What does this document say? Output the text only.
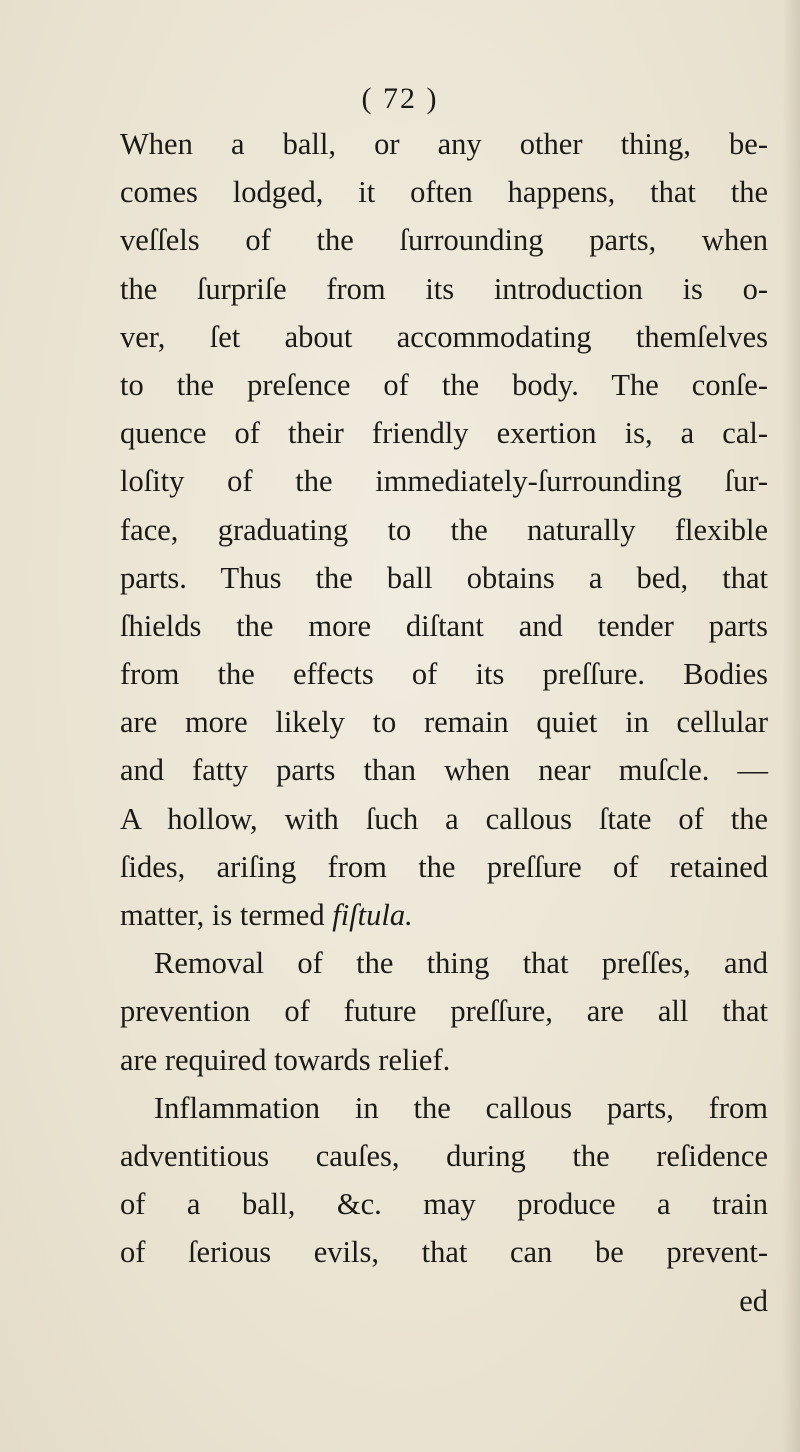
( 72 )
When a ball, or any other thing, be-
comes lodged, it often happens, that the
veſſels of the ſurrounding parts, when
the ſurpriſe from its introduction is o-
ver, ſet about accommodating themſelves
to the preſence of the body. The conſe-
quence of their friendly exertion is, a cal-
loſity of the immediately-ſurrounding ſur-
face, graduating to the naturally flexible
parts. Thus the ball obtains a bed, that
ſhields the more diſtant and tender parts
from the effects of its preſſure. Bodies
are more likely to remain quiet in cellular
and fatty parts than when near muſcle. —
A hollow, with ſuch a callous ſtate of the
ſides, ariſing from the preſſure of retained
matter, is termed fiſtula.
Removal of the thing that preſſes, and
prevention of future preſſure, are all that
are required towards relief.
Inflammation in the callous parts, from
adventitious cauſes, during the reſidence
of a ball, &c. may produce a train
of ſerious evils, that can be prevent-
ed
